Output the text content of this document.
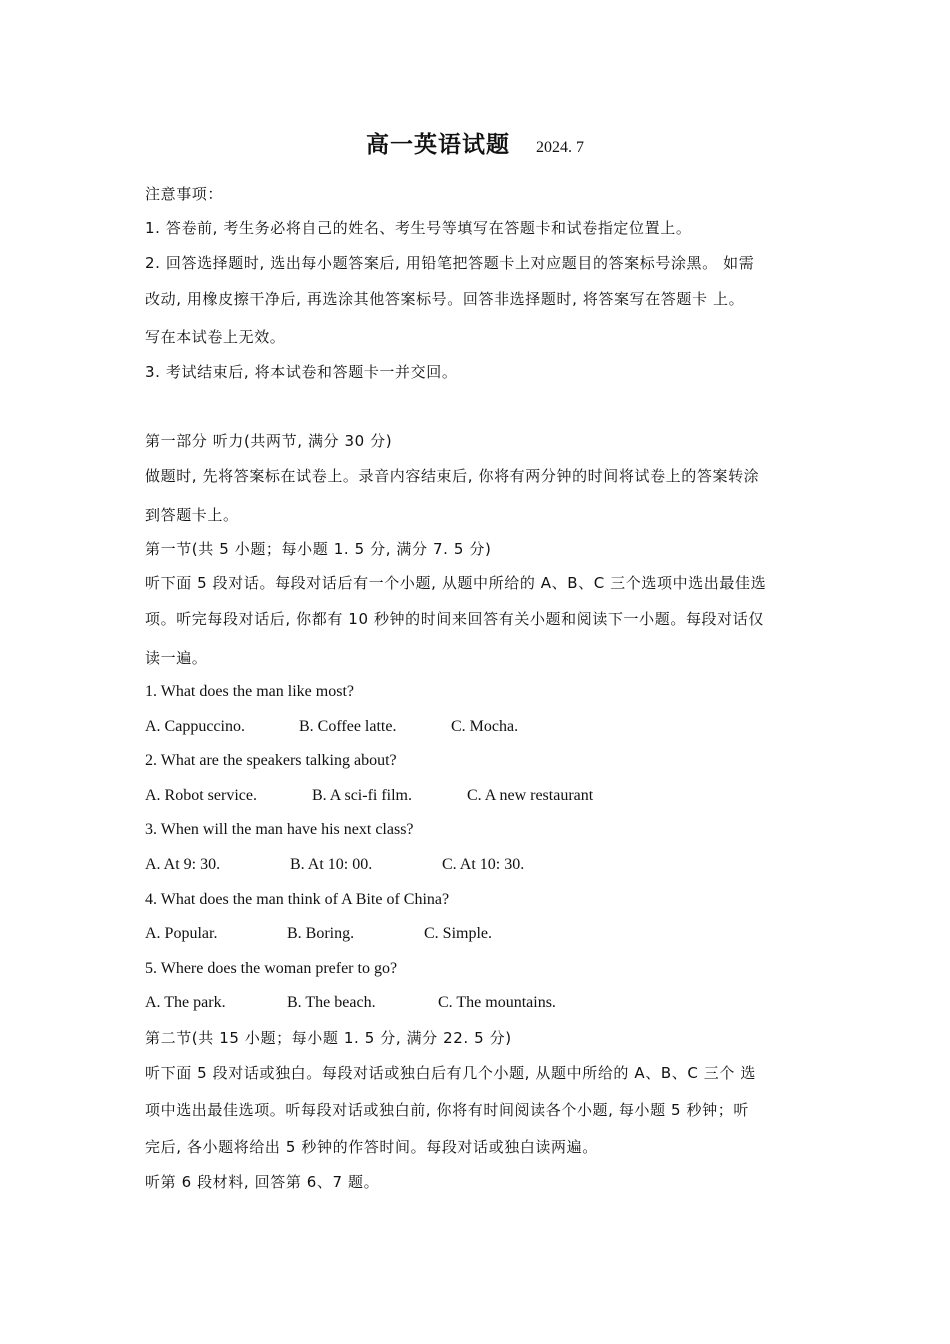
高一英语试题 2024. 7
注意事项：
1. 答卷前, 考生务必将自己的姓名、考生号等填写在答题卡和试卷指定位置上。
2. 回答选择题时, 选出每小题答案后, 用铅笔把答题卡上对应题目的答案标号涂黑。 如需
改动, 用橡皮擦干净后, 再选涂其他答案标号。回答非选择题时, 将答案写在答题卡 上。
写在本试卷上无效。
3. 考试结束后, 将本试卷和答题卡一并交回。
第一部分 听力(共两节, 满分 30 分)
做题时, 先将答案标在试卷上。录音内容结束后, 你将有两分钟的时间将试卷上的答案转涂
到答题卡上。
第一节(共 5 小题；每小题 1. 5 分, 满分 7. 5 分)
听下面 5 段对话。每段对话后有一个小题, 从题中所给的 A、B、C 三个选项中选出最佳选
项。听完每段对话后, 你都有 10 秒钟的时间来回答有关小题和阅读下一小题。每段对话仅
读一遍。
1. What does the man like most?
A. Cappuccino.	B. Coffee latte.	C. Mocha.
2. What are the speakers talking about?
A. Robot service.	B. A sci-fi film.	C. A new restaurant
3. When will the man have his next class?
A. At 9: 30.	B. At 10: 00.	C. At 10: 30.
4. What does the man think of A Bite of China?
A. Popular.	B. Boring.	C. Simple.
5. Where does the woman prefer to go?
A. The park.	B. The beach.	C. The mountains.
第二节(共 15 小题；每小题 1. 5 分, 满分 22. 5 分)
听下面 5 段对话或独白。每段对话或独白后有几个小题, 从题中所给的 A、B、C 三个 选
项中选出最佳选项。听每段对话或独白前, 你将有时间阅读各个小题, 每小题 5 秒钟；听
完后, 各小题将给出 5 秒钟的作答时间。每段对话或独白读两遍。
听第 6 段材料, 回答第 6、7 题。
